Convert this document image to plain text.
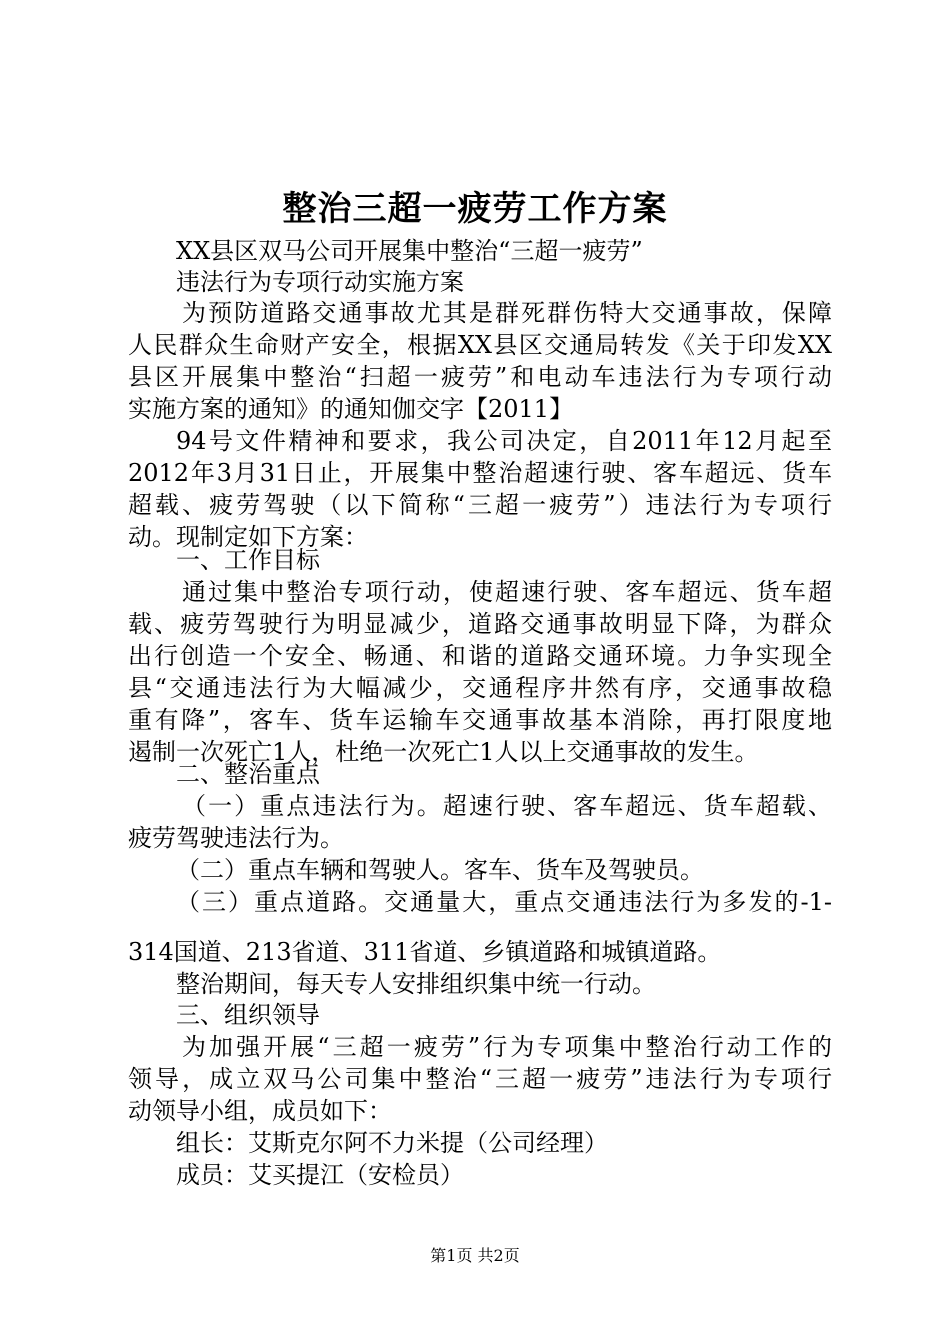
整治三超一疲劳工作方案
XX县区双马公司开展集中整治“三超一疲劳”
违法行为专项行动实施方案
为预防道路交通事故尤其是群死群伤特大交通事故，保障
人民群众生命财产安全，根据XX县区交通局转发《关于印发XX
县区开展集中整治“扫超一疲劳”和电动车违法行为专项行动
实施方案的通知》的通知伽交字【2011】
94号文件精神和要求，我公司决定，自2011年12月起至
2012年3月31日止，开展集中整治超速行驶、客车超远、货车
超载、疲劳驾驶（以下简称“三超一疲劳”）违法行为专项行
动。现制定如下方案：
一、工作目标
通过集中整治专项行动，使超速行驶、客车超远、货车超
载、疲劳驾驶行为明显减少，道路交通事故明显下降，为群众
出行创造一个安全、畅通、和谐的道路交通环境。力争实现全
县“交通违法行为大幅减少，交通程序井然有序，交通事故稳
重有降”，客车、货车运输车交通事故基本消除，再打限度地
遏制一次死亡1人，杜绝一次死亡1人以上交通事故的发生。
二、整治重点
（一）重点违法行为。超速行驶、客车超远、货车超载、
疲劳驾驶违法行为。
（二）重点车辆和驾驶人。客车、货车及驾驶员。
（三）重点道路。交通量大，重点交通违法行为多发的-1-
314国道、213省道、311省道、乡镇道路和城镇道路。
整治期间，每天专人安排组织集中统一行动。
三、组织领导
为加强开展“三超一疲劳”行为专项集中整治行动工作的
领导，成立双马公司集中整治“三超一疲劳”违法行为专项行
动领导小组，成员如下：
组长：艾斯克尔阿不力米提（公司经理）
成员：艾买提江（安检员）
第1页 共2页
